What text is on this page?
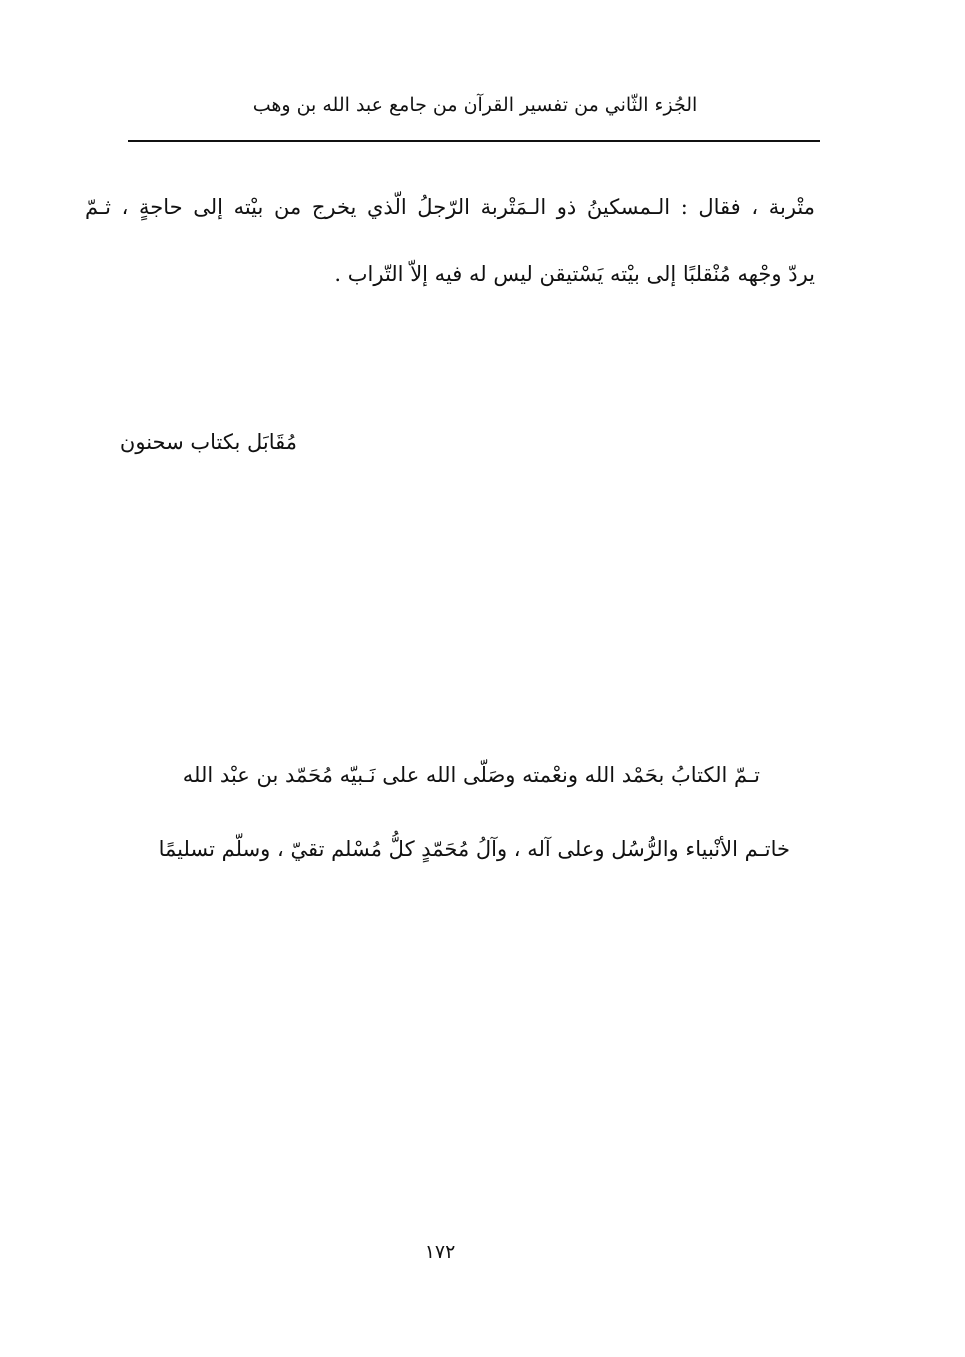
الجُزء الثّاني من تفسير القرآن من جامع عبد الله بن وهب
متْربة ، فقال : الـمسكينُ ذو الـمَتْربة الرّجلُ الّذي يخرج من بيْته إلى حاجةٍ ، ثـمّ
يردّ وجْهه مُنْقلبًا إلى بيْته يَسْتيقن ليس له فيه إلاّ التّراب .
مُقَابَل بكتاب سحنون
تـمّ الكتابُ بحَمْد الله ونعْمته وصَلّى الله على نَـبيّه مُحَمّد بن عبْد الله
خاتـم الأنْبياء والرُّسُل وعلى آله ، وآلُ مُحَمّدٍ كلُّ مُسْلم تقيّ ، وسلّم تسليمًا
١٧٢
